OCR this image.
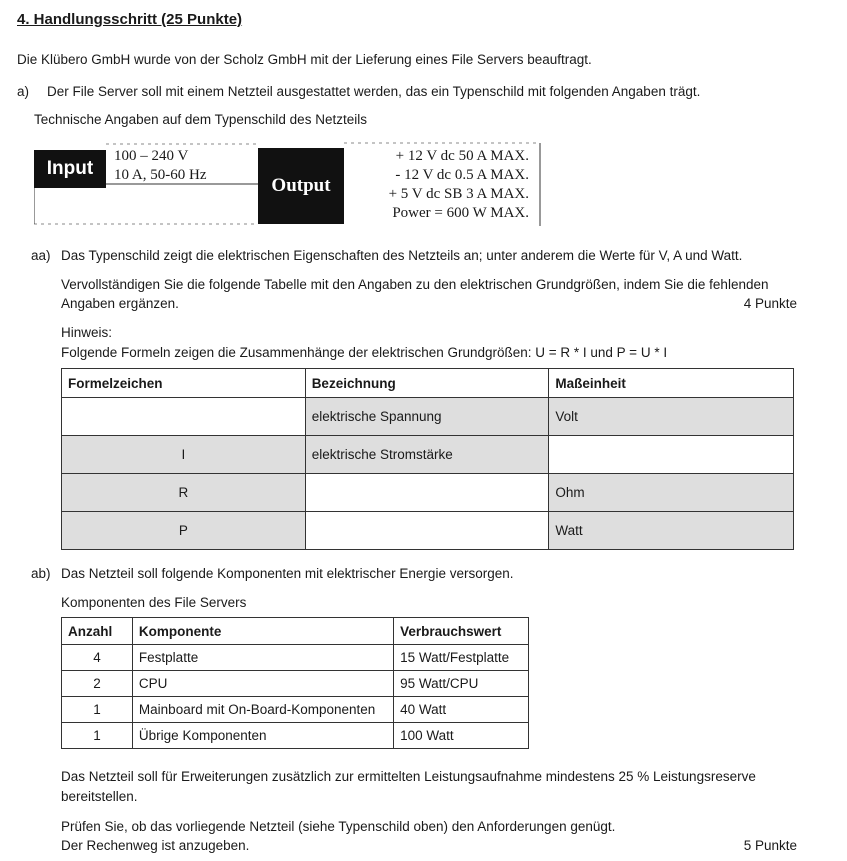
4. Handlungsschritt (25 Punkte)
Die Klübero GmbH wurde von der Scholz GmbH mit der Lieferung eines File Servers beauftragt.
a) Der File Server soll mit einem Netzteil ausgestattet werden, das ein Typenschild mit folgenden Angaben trägt.
Technische Angaben auf dem Typenschild des Netzteils
Input
100 – 240 V
10 A, 50-60 Hz	Output
+ 12 V dc 50 A MAX.
- 12 V dc 0.5 A MAX.
+ 5 V dc SB 3 A MAX.
Power = 600 W MAX.
aa) Das Typenschild zeigt die elektrischen Eigenschaften des Netzteils an; unter anderem die Werte für V, A und Watt.
Vervollständigen Sie die folgende Tabelle mit den Angaben zu den elektrischen Grundgrößen, indem Sie die fehlenden
Angaben ergänzen.	4 Punkte
Hinweis:
Folgende Formeln zeigen die Zusammenhänge der elektrischen Grundgrößen: U = R * I und P = U * I
Formelzeichen	Bezeichnung	Maßeinheit
	elektrische Spannung	Volt
I	elektrische Stromstärke	
R		Ohm
P		Watt
ab) Das Netzteil soll folgende Komponenten mit elektrischer Energie versorgen.
Komponenten des File Servers
Anzahl	Komponente	Verbrauchswert
4	Festplatte	15 Watt/Festplatte
2	CPU	95 Watt/CPU
1	Mainboard mit On-Board-Komponenten	40 Watt
1	Übrige Komponenten	100 Watt
Das Netzteil soll für Erweiterungen zusätzlich zur ermittelten Leistungsaufnahme mindestens 25 % Leistungsreserve
bereitstellen.
Prüfen Sie, ob das vorliegende Netzteil (siehe Typenschild oben) den Anforderungen genügt.
Der Rechenweg ist anzugeben.	5 Punkte
